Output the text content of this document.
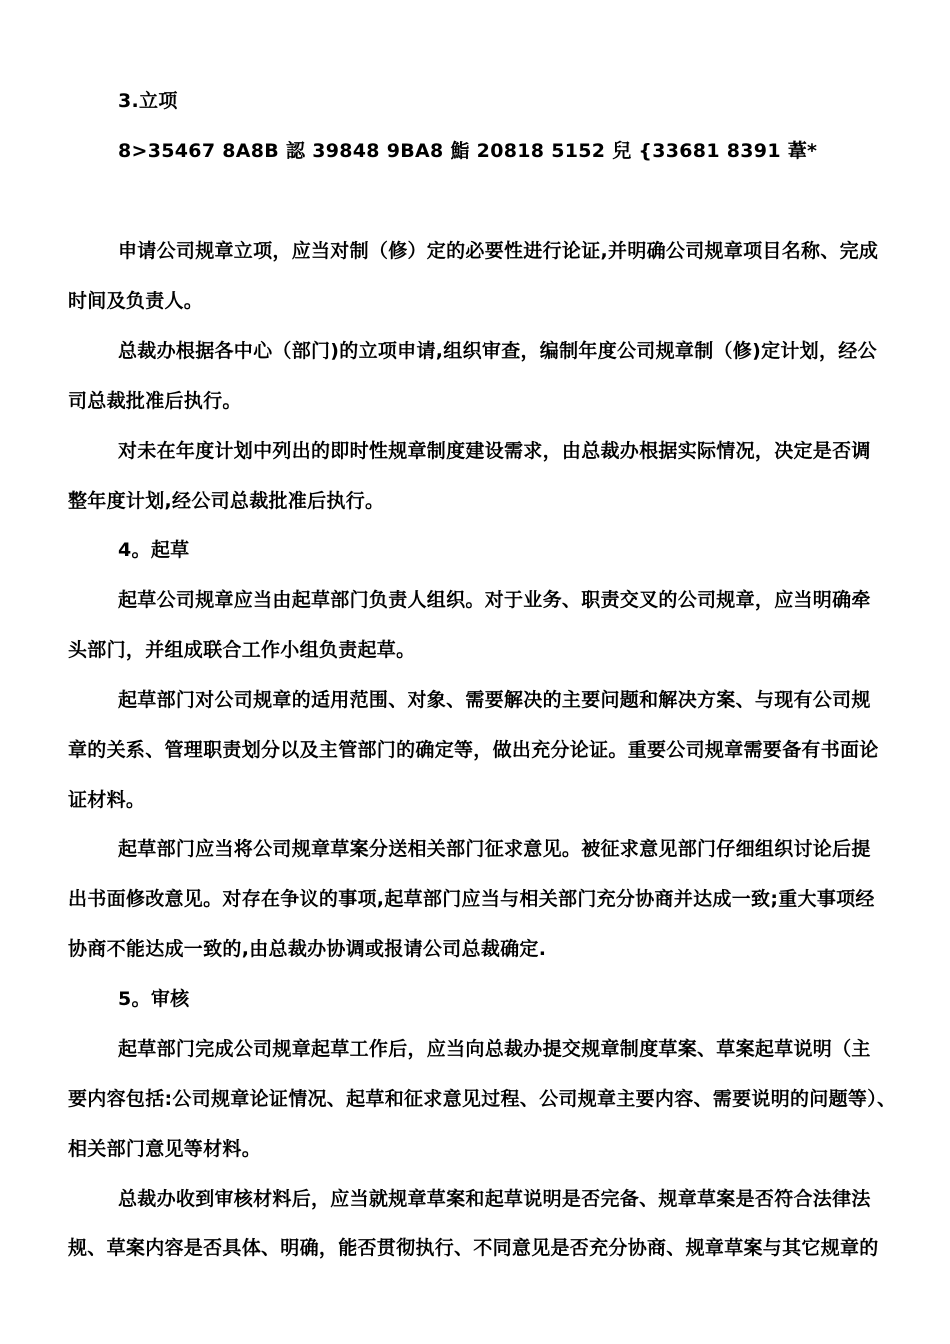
3.立项

8>35467 8A8B 認 39848 9BA8 鮨 20818 5152 兒 {33681 8391 葦*

申请公司规章立项，应当对制（修）定的必要性进行论证,并明确公司规章项目名称、完成

时间及负责人。

总裁办根据各中心（部门)的立项申请,组织审查，编制年度公司规章制（修)定计划，经公

司总裁批准后执行。

对未在年度计划中列出的即时性规章制度建设需求，由总裁办根据实际情况，决定是否调

整年度计划,经公司总裁批准后执行。

4。起草

起草公司规章应当由起草部门负责人组织。对于业务、职责交叉的公司规章，应当明确牵

头部门，并组成联合工作小组负责起草。

起草部门对公司规章的适用范围、对象、需要解决的主要问题和解决方案、与现有公司规

章的关系、管理职责划分以及主管部门的确定等，做出充分论证。重要公司规章需要备有书面论

证材料。

起草部门应当将公司规章草案分送相关部门征求意见。被征求意见部门仔细组织讨论后提

出书面修改意见。对存在争议的事项,起草部门应当与相关部门充分协商并达成一致;重大事项经

协商不能达成一致的,由总裁办协调或报请公司总裁确定.

5。审核

起草部门完成公司规章起草工作后，应当向总裁办提交规章制度草案、草案起草说明（主

要内容包括:公司规章论证情况、起草和征求意见过程、公司规章主要内容、需要说明的问题等）、

相关部门意见等材料。

总裁办收到审核材料后，应当就规章草案和起草说明是否完备、规章草案是否符合法律法

规、草案内容是否具体、明确，能否贯彻执行、不同意见是否充分协商、规章草案与其它规章的
